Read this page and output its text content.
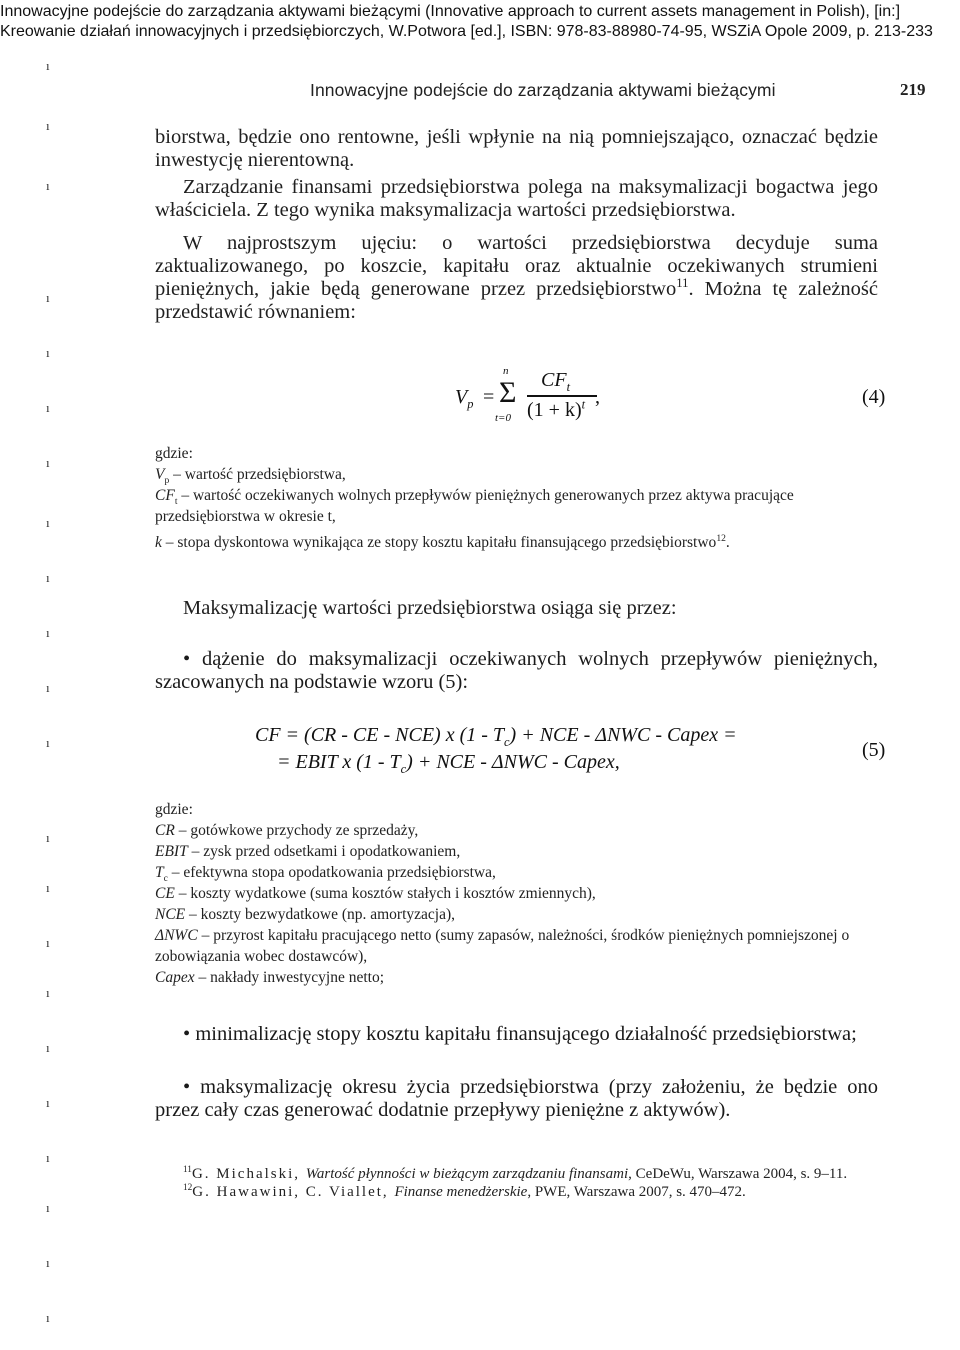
Innowacyjne podejście do zarządzania aktywami bieżącymi (Innovative approach to current assets management in Polish), [in:]
Kreowanie działań innowacyjnych i przedsiębiorczych, W.Potwora [ed.], ISBN: 978-83-88980-74-95, WSZiA Opole 2009, p. 213-233
ı
ı
ı
ı
ı
ı
ı
ı
ı
ı
ı
ı
ı
ı
ı
ı
ı
ı
ı
ı
ı
ı
Innowacyjne podejście do zarządzania aktywami bieżącymi	219
biorstwa, będzie ono rentowne, jeśli wpłynie na nią pomniejszająco, oznaczać będzie inwestycję nierentowną.
Zarządzanie finansami przedsiębiorstwa polega na maksymalizacji bogactwa jego właściciela. Z tego wynika maksymalizacja wartości przedsiębiorstwa.
W najprostszym ujęciu: o wartości przedsiębiorstwa decyduje suma zaktualizowanego, po koszcie, kapitału oraz aktualnie oczekiwanych strumieni pieniężnych, jakie będą generowane przez przedsiębiorstwo$^{11}$. Można tę zależność przedstawić równaniem:
$V_p$ =
n
Σ
t=0
$CF_t$
$(1 + k)^t$ ,	(4)
gdzie:
$V_p$ – wartość przedsiębiorstwa,
$CF_t$ – wartość oczekiwanych wolnych przepływów pieniężnych generowanych przez aktywa pracujące przedsiębiorstwa w okresie t,
k – stopa dyskontowa wynikająca ze stopy kosztu kapitału finansującego przedsiębiorstwo$^{12}$.
Maksymalizację wartości przedsiębiorstwa osiąga się przez:
• dążenie do maksymalizacji oczekiwanych wolnych przepływów pieniężnych, szacowanych na podstawie wzoru (5):
CF = (CR - CE - NCE) x $(1 - T_c)$ + NCE - ΔNWC - Capex =
= EBIT x $(1 - T_c)$ + NCE - ΔNWC - Capex,
(5)
gdzie:
CR – gotówkowe przychody ze sprzedaży,
EBIT – zysk przed odsetkami i opodatkowaniem,
$T_c$ – efektywna stopa opodatkowania przedsiębiorstwa,
CE – koszty wydatkowe (suma kosztów stałych i kosztów zmiennych),
NCE – koszty bezwydatkowe (np. amortyzacja),
ΔNWC – przyrost kapitału pracującego netto (sumy zapasów, należności, środków pieniężnych pomniejszonej o zobowiązania wobec dostawców),
Capex – nakłady inwestycyjne netto;
• minimalizację stopy kosztu kapitału finansującego działalność przedsiębiorstwa;
• maksymalizację okresu życia przedsiębiorstwa (przy założeniu, że będzie ono przez cały czas generować dodatnie przepływy pieniężne z aktywów).
$^{11}$G. Michalski, Wartość płynności w bieżącym zarządzaniu finansami, CeDeWu, Warszawa 2004, s. 9–11.
$^{12}$G. Hawawini, C. Viallet, Finanse menedżerskie, PWE, Warszawa 2007, s. 470–472.
